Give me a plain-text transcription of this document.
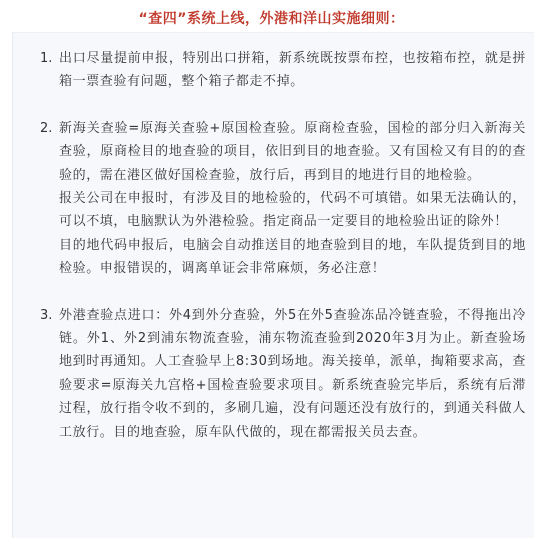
“查四”系统上线，外港和洋山实施细则：
1. 出口尽量提前申报，特别出口拼箱，新系统既按票布控，也按箱布控，就是拼箱一票查验有问题，整个箱子都走不掉。
2. 新海关查验=原海关查验+原国检查验。原商检查验，国检的部分归入新海关查验，原商检目的地查验的项目，依旧到目的地查验。又有国检又有目的的查验的，需在港区做好国检查验，放行后，再到目的地进行目的地检验。
报关公司在申报时，有涉及目的地检验的，代码不可填错。如果无法确认的，可以不填，电脑默认为外港检验。指定商品一定要目的地检验出证的除外！
目的地代码申报后，电脑会自动推送目的地查验到目的地，车队提货到目的地检验。申报错误的，调离单证会非常麻烦，务必注意！
3. 外港查验点进口：外4到外分查验，外5在外5查验冻品冷链查验，不得拖出冷链。外1、外2到浦东物流查验，浦东物流查验到2020年3月为止。新查验场地到时再通知。人工查验早上8:30到场地。海关接单，派单，掏箱要求高，查验要求=原海关九宫格+国检查验要求项目。新系统查验完毕后，系统有后滞过程，放行指令收不到的，多刷几遍，没有问题还没有放行的，到通关科做人工放行。目的地查验，原车队代做的，现在都需报关员去查。
